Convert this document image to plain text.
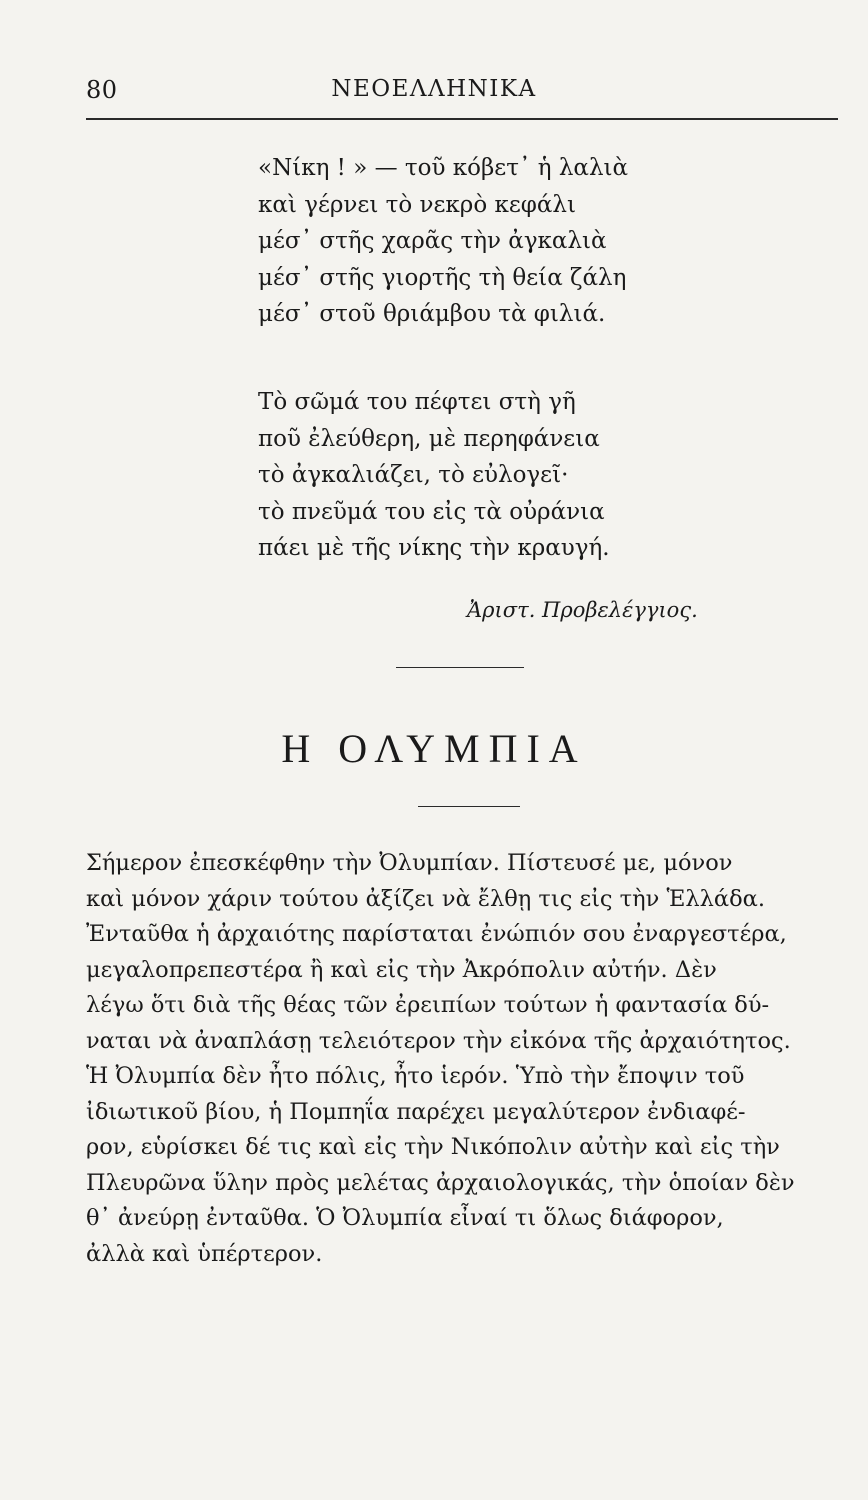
80	ΝΕΟΕΛΛΗΝΙΚΑ
«Νίκη ! » — τοῦ κόβετ᾽ ἡ λαλιὰ
καὶ γέρνει τὸ νεκρὸ κεφάλι
μέσ᾽ στῆς χαρᾶς τὴν ἀγκαλιὰ
μέσ᾽ στῆς γιορτῆς τὴ θεία ζάλη
μέσ᾽ στοῦ θριάμβου τὰ φιλιά.
Τὸ σῶμά του πέφτει στὴ γῆ
ποῦ ἐλεύθερη, μὲ περηφάνεια
τὸ ἀγκαλιάζει, τὸ εὐλογεῖ·
τὸ πνεῦμά του εἰς τὰ οὐράνια
πάει μὲ τῆς νίκης τὴν κραυγή.
Ἀριστ. Προβελέγγιος.
Η ΟΛΥΜΠΙΑ
Σήμερον ἐπεσκέφθην τὴν Ὀλυμπίαν. Πίστευσέ με, μόνον
καὶ μόνον χάριν τούτου ἀξίζει νὰ ἔλθῃ τις εἰς τὴν Ἑλλάδα.
Ἐνταῦθα ἡ ἀρχαιότης παρίσταται ἐνώπιόν σου ἐναργεστέρα,
μεγαλοπρεπεστέρα ἢ καὶ εἰς τὴν Ἀκρόπολιν αὐτήν. Δὲν
λέγω ὅτι διὰ τῆς θέας τῶν ἐρειπίων τούτων ἡ φαντασία δύ-
ναται νὰ ἀναπλάσῃ τελειότερον τὴν εἰκόνα τῆς ἀρχαιότητος.
Ἡ Ὀλυμπία δὲν ἦτο πόλις, ἦτο ἱερόν. Ὑπὸ τὴν ἔποψιν τοῦ
ἰδιωτικοῦ βίου, ἡ Πομπηΐα παρέχει μεγαλύτερον ἐνδιαφέ-
ρον, εὑρίσκει δέ τις καὶ εἰς τὴν Νικόπολιν αὐτὴν καὶ εἰς τὴν
Πλευρῶνα ὕλην πρὸς μελέτας ἀρχαιολογικάς, τὴν ὁποίαν δὲν
θ᾽ ἀνεύρῃ ἐνταῦθα. Ὁ Ὀλυμπία εἶναί τι ὅλως διάφορον,
ἀλλὰ καὶ ὑπέρτερον.
